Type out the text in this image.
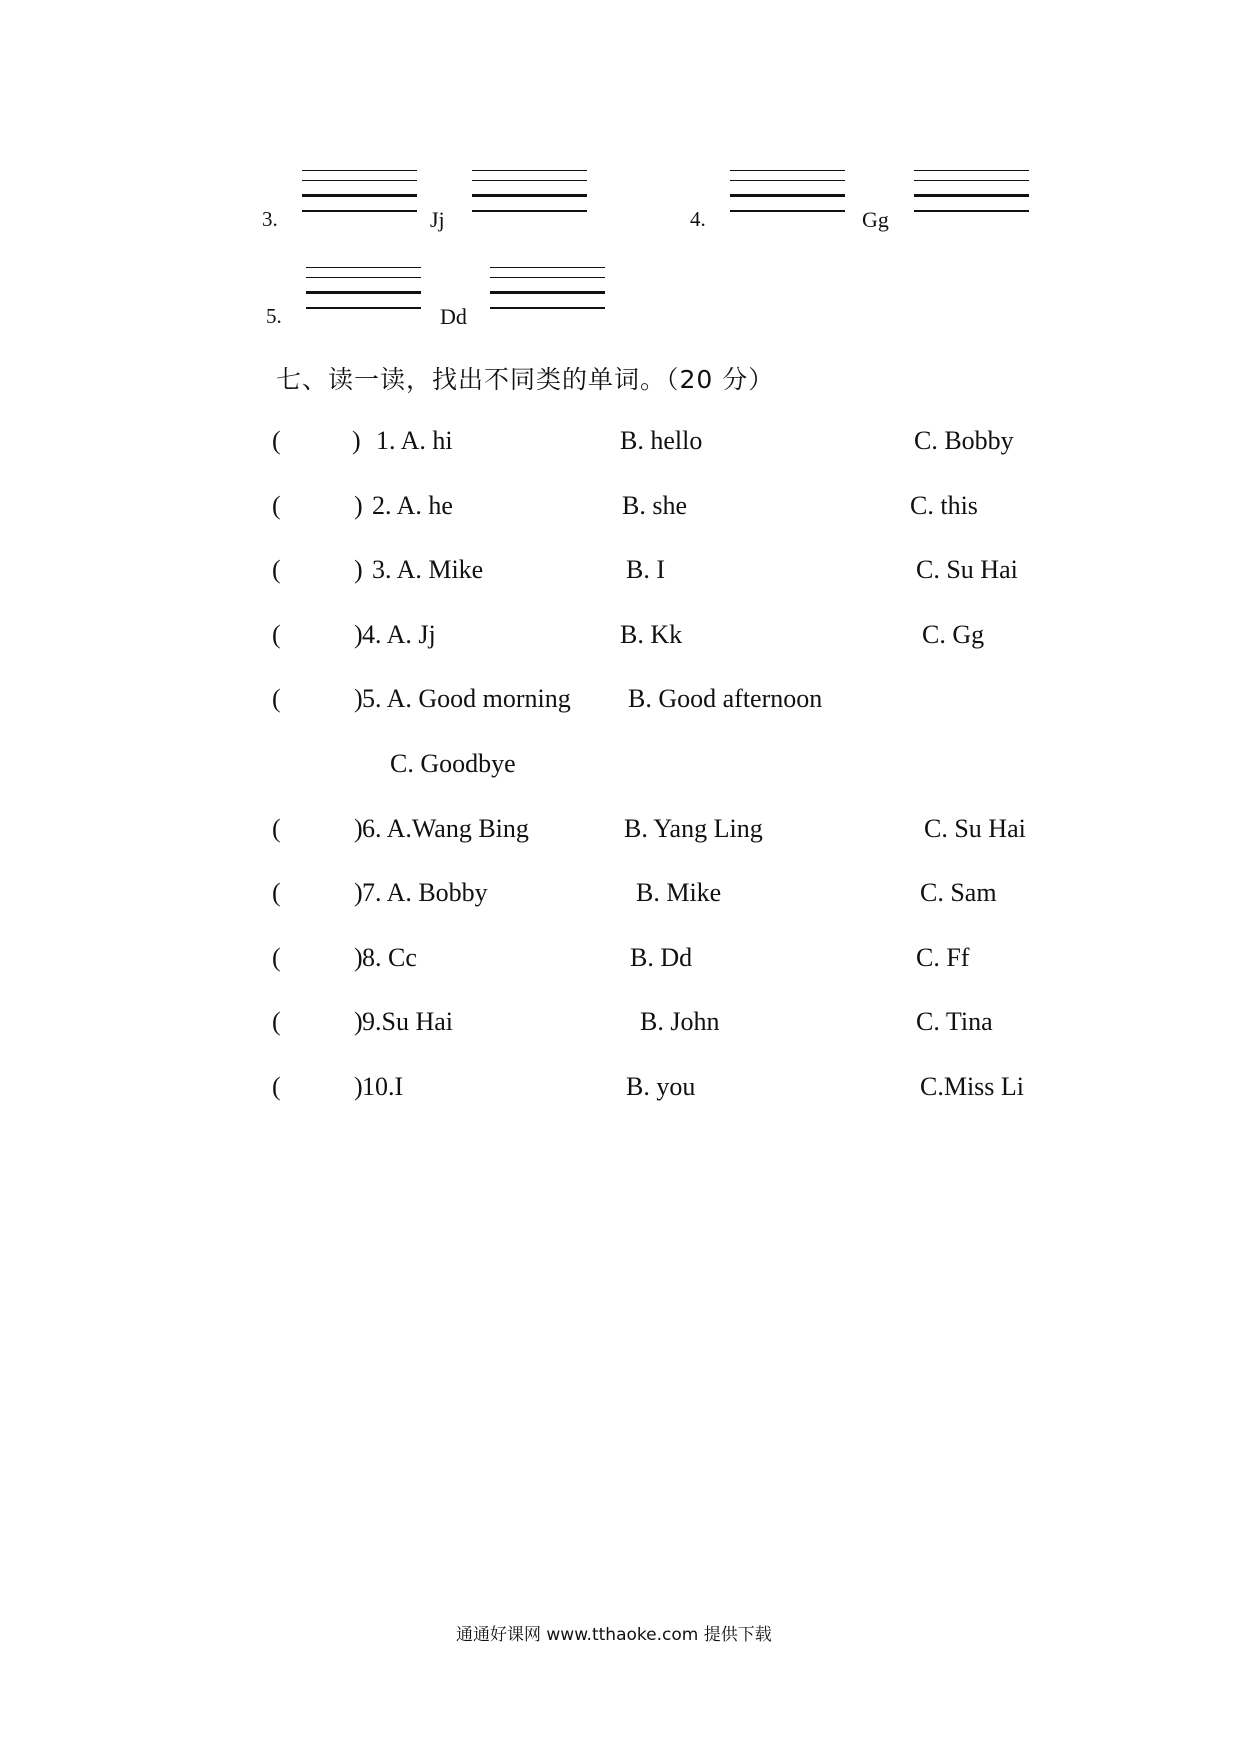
3.	Jj	4.	Gg
5.	Dd
七、读一读，找出不同类的单词。（20 分）
(	) 1. A. hi	B. hello	C. Bobby
(	) 2. A. he	B. she	C. this
(	) 3. A. Mike	B. I	C. Su Hai
(	) 4. A. Jj	B. Kk	C. Gg
(	) 5. A. Good morning B. Good afternoon
C. Goodbye
(	) 6. A.Wang Bing	B. Yang Ling	C. Su Hai
(	) 7. A. Bobby	B. Mike	C. Sam
(	) 8. Cc	B. Dd	C. Ff
(	) 9.Su Hai	B. John	C. Tina
(	) 10.I	B. you	C.Miss Li
通通好课网 www.tthaoke.com 提供下载
